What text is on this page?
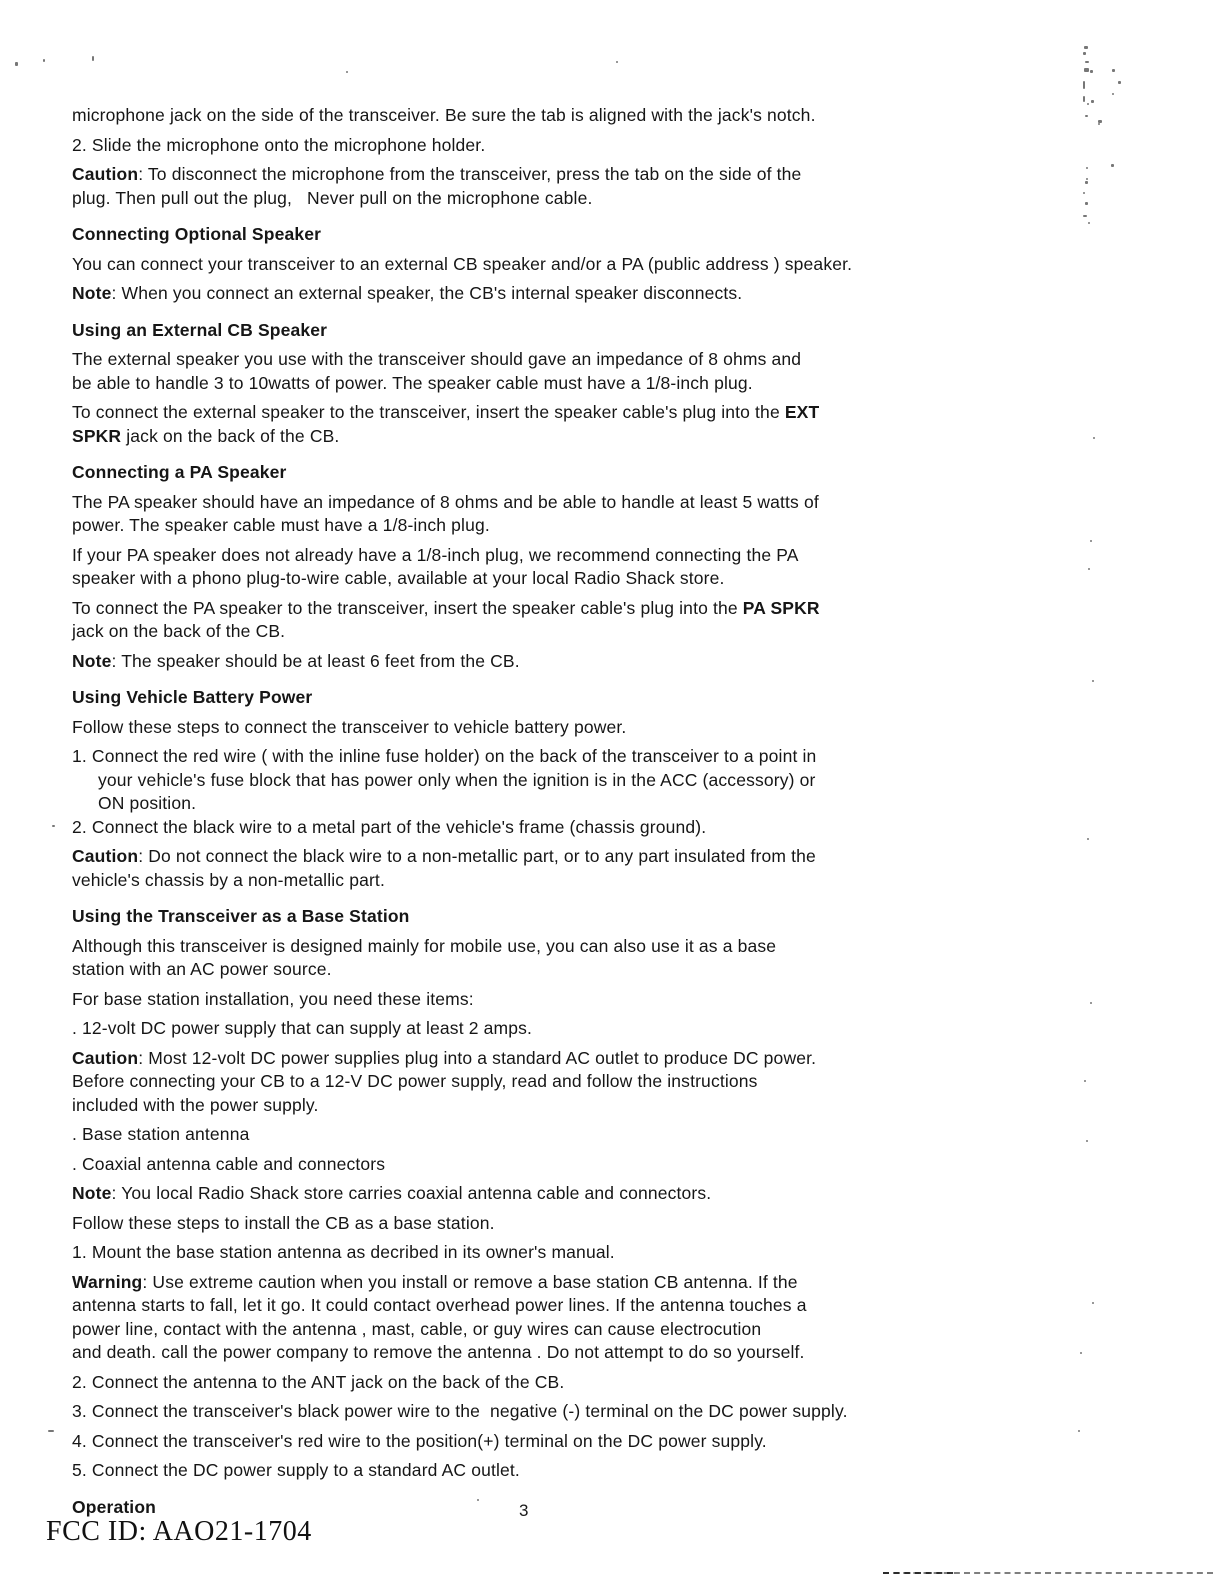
microphone jack on the side of the transceiver. Be sure the tab is aligned with the jack's notch.
2. Slide the microphone onto the microphone holder.
Caution: To disconnect the microphone from the transceiver, press the tab on the side of the
plug. Then pull out the plug,   Never pull on the microphone cable.
Connecting Optional Speaker
You can connect your transceiver to an external CB speaker and/or a PA (public address ) speaker.
Note: When you connect an external speaker, the CB's internal speaker disconnects.
Using an External CB Speaker
The external speaker you use with the transceiver should gave an impedance of 8 ohms and
be able to handle 3 to 10watts of power. The speaker cable must have a 1/8-inch plug.
To connect the external speaker to the transceiver, insert the speaker cable's plug into the EXT
SPKR jack on the back of the CB.
Connecting a PA Speaker
The PA speaker should have an impedance of 8 ohms and be able to handle at least 5 watts of
power. The speaker cable must have a 1/8-inch plug.
If your PA speaker does not already have a 1/8-inch plug, we recommend connecting the PA
speaker with a phono plug-to-wire cable, available at your local Radio Shack store.
To connect the PA speaker to the transceiver, insert the speaker cable's plug into the PA SPKR
jack on the back of the CB.
Note: The speaker should be at least 6 feet from the CB.
Using Vehicle Battery Power
Follow these steps to connect the transceiver to vehicle battery power.
1. Connect the red wire ( with the inline fuse holder) on the back of the transceiver to a point in
your vehicle's fuse block that has power only when the ignition is in the ACC (accessory) or
ON position.
2. Connect the black wire to a metal part of the vehicle's frame (chassis ground).
Caution: Do not connect the black wire to a non-metallic part, or to any part insulated from the
vehicle's chassis by a non-metallic part.
Using the Transceiver as a Base Station
Although this transceiver is designed mainly for mobile use, you can also use it as a base
station with an AC power source.
For base station installation, you need these items:
. 12-volt DC power supply that can supply at least 2 amps.
Caution: Most 12-volt DC power supplies plug into a standard AC outlet to produce DC power.
Before connecting your CB to a 12-V DC power supply, read and follow the instructions
included with the power supply.
. Base station antenna
. Coaxial antenna cable and connectors
Note: You local Radio Shack store carries coaxial antenna cable and connectors.
Follow these steps to install the CB as a base station.
1. Mount the base station antenna as decribed in its owner's manual.
Warning: Use extreme caution when you install or remove a base station CB antenna. If the
antenna starts to fall, let it go. It could contact overhead power lines. If the antenna touches a
power line, contact with the antenna , mast, cable, or guy wires can cause electrocution
and death. call the power company to remove the antenna . Do not attempt to do so yourself.
2. Connect the antenna to the ANT jack on the back of the CB.
3. Connect the transceiver's black power wire to the  negative (-) terminal on the DC power supply.
4. Connect the transceiver's red wire to the position(+) terminal on the DC power supply.
5. Connect the DC power supply to a standard AC outlet.
Operation	3
FCC ID: AAO21-1704
